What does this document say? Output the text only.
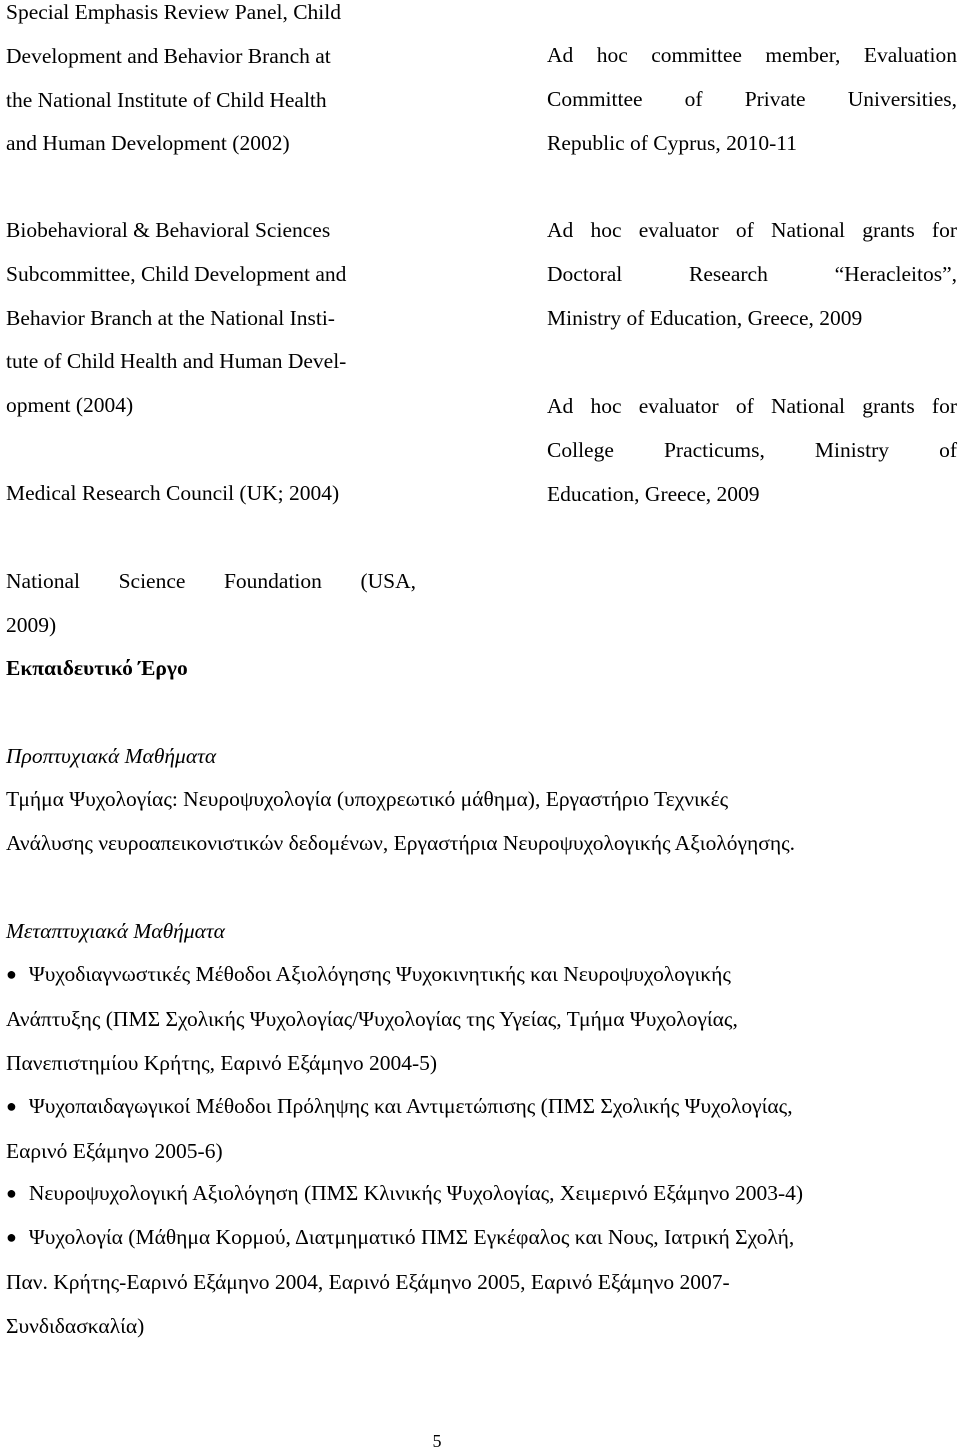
Special Emphasis Review Panel, Child
Development and Behavior Branch at
the National Institute of Child Health
and Human Development (2002)

Biobehavioral & Behavioral Sciences
Subcommittee, Child Development and
Behavior Branch at the National Insti-
tute of Child Health and Human Devel-
opment (2004)

Medical Research Council (UK; 2004)

Ad hoc committee member, Evaluation
Committee of Private Universities,
Republic of Cyprus, 2010-11

Ad hoc evaluator of National grants for
Doctoral Research “Heracleitos”,
Ministry of Education, Greece, 2009

Ad hoc evaluator of National grants for
College Practicums, Ministry of
Education, Greece, 2009

National Science Foundation (USA,
2009)

Εκπαιδευτικό Έργο

Προπτυχιακά Μαθήματα

Τμήμα Ψυχολογίας: Νευροψυχολογία (υποχρεωτικό μάθημα), Εργαστήριο Τεχνικές
Ανάλυσης νευροαπεικονιστικών δεδομένων, Εργαστήρια Νευροψυχολογικής Αξιολόγησης.

Μεταπτυχιακά Μαθήματα

● Ψυχοδιαγνωστικές Μέθοδοι Αξιολόγησης Ψυχοκινητικής και Νευροψυχολογικής
Ανάπτυξης (ΠΜΣ Σχολικής Ψυχολογίας/Ψυχολογίας της Υγείας, Τμήμα Ψυχολογίας,
Πανεπιστημίου Κρήτης, Εαρινό Εξάμηνο 2004-5)

● Ψυχοπαιδαγωγικοί Μέθοδοι Πρόληψης και Αντιμετώπισης (ΠΜΣ Σχολικής Ψυχολογίας,
Εαρινό Εξάμηνο 2005-6)

● Νευροψυχολογική Αξιολόγηση (ΠΜΣ Κλινικής Ψυχολογίας, Χειμερινό Εξάμηνο 2003-4)

● Ψυχολογία (Μάθημα Κορμού, Διατμηματικό ΠΜΣ Εγκέφαλος και Νους, Ιατρική Σχολή,
Παν. Κρήτης-Εαρινό Εξάμηνο 2004, Εαρινό Εξάμηνο 2005, Εαρινό Εξάμηνο 2007-
Συνδιδασκαλία)

5
